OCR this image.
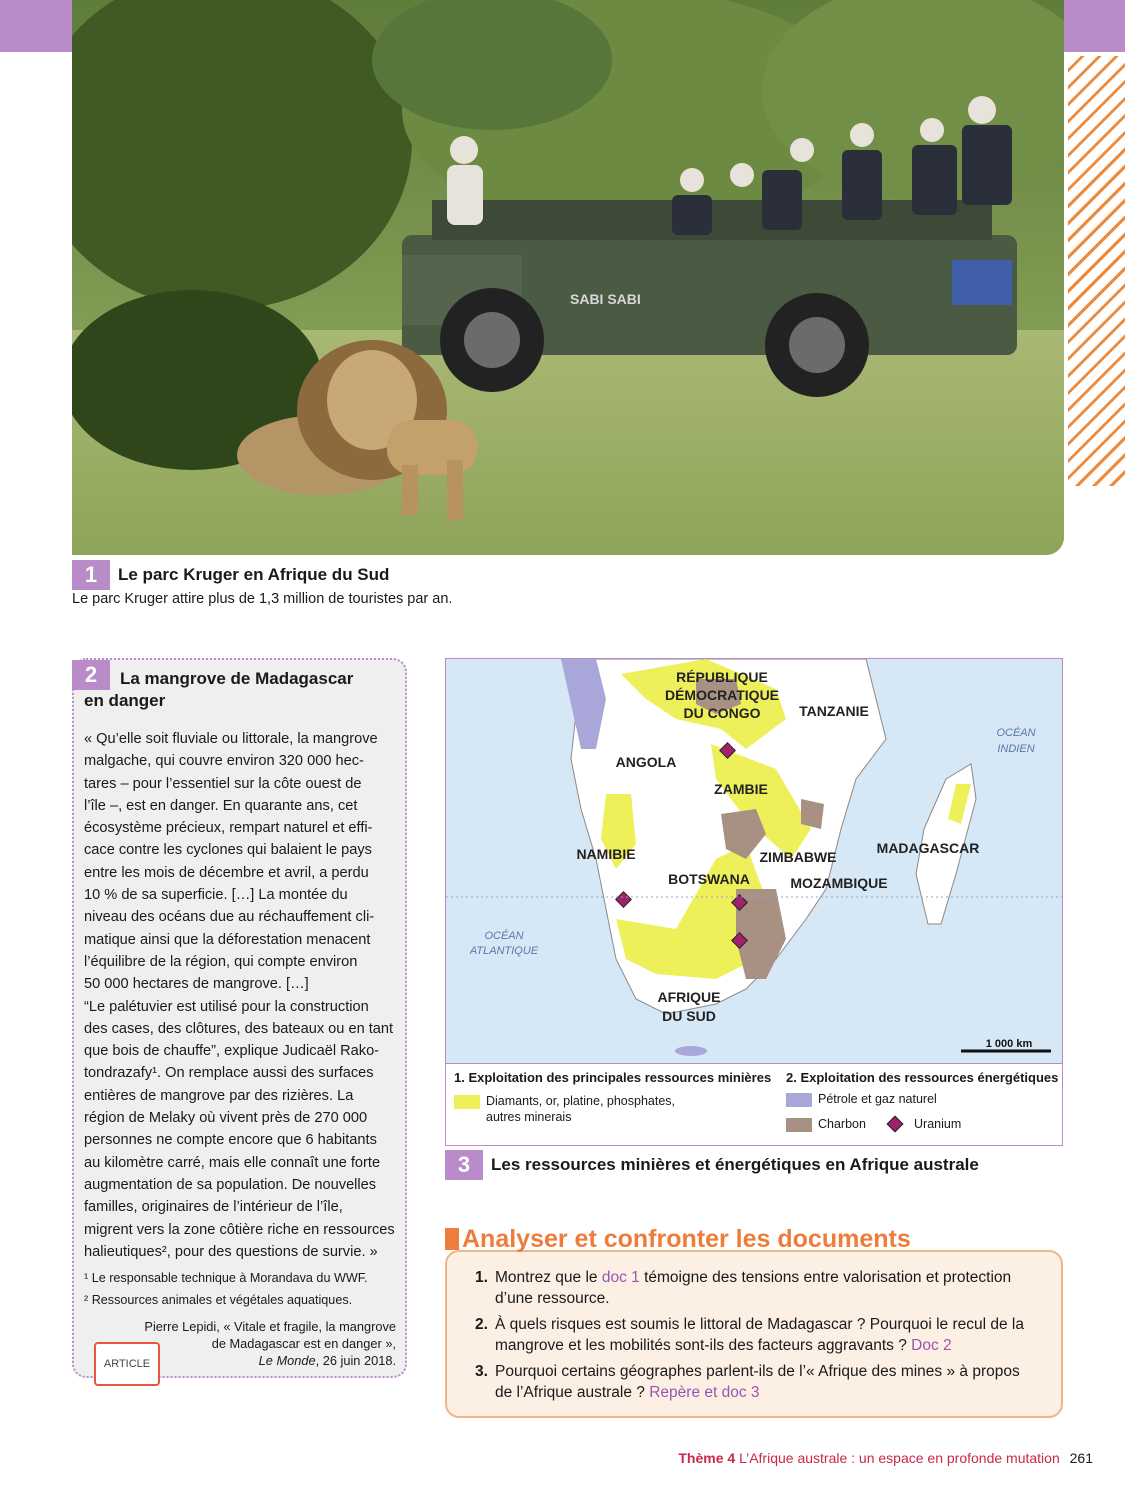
SABI SABI
1	Le parc Kruger en Afrique du Sud
Le parc Kruger attire plus de 1,3 million de touristes par an.
2	La mangrove de Madagascar
en danger
« Qu’elle soit fluviale ou littorale, la mangrove
malgache, qui couvre environ 320 000 hec-
tares – pour l’essentiel sur la côte ouest de
l’île –, est en danger. En quarante ans, cet
écosystème précieux, rempart naturel et effi-
cace contre les cyclones qui balaient le pays
entre les mois de décembre et avril, a perdu
10 % de sa superficie. […] La montée du
niveau des océans due au réchauffement cli-
matique ainsi que la déforestation menacent
l’équilibre de la région, qui compte environ
50 000 hectares de mangrove. […]
“Le palétuvier est utilisé pour la construction
des cases, des clôtures, des bateaux ou en tant
que bois de chauffe”, explique Judicaël Rako-
tondrazafy¹. On remplace aussi des surfaces
entières de mangrove par des rizières. La
région de Melaky où vivent près de 270 000
personnes ne compte encore que 6 habitants
au kilomètre carré, mais elle connaît une forte
augmentation de sa population. De nouvelles
familles, originaires de l’intérieur de l’île,
migrent vers la zone côtière riche en ressources
halieutiques², pour des questions de survie. »
¹ Le responsable technique à Morandava du WWF.
² Ressources animales et végétales aquatiques.
Pierre Lepidi, « Vitale et fragile, la mangrove
de Madagascar est en danger »,
Le Monde, 26 juin 2018.
ARTICLE
RÉPUBLIQUE
DÉMOCRATIQUE
DU CONGO	TANZANIE
ANGOLA
ZAMBIE
NAMIBIE	ZIMBABWE
MADAGASCAR
BOTSWANA	MOZAMBIQUE
AFRIQUE
DU SUD
OCÉAN
INDIEN
OCÉAN
ATLANTIQUE
1 000 km
1. Exploitation des principales ressources minières
Diamants, or, platine, phosphates,
autres minerais
2. Exploitation des ressources énergétiques
Pétrole et gaz naturel
Charbon	Uranium
3	Les ressources minières et énergétiques en Afrique australe
Analyser et confronter les documents
1. Montrez que le doc 1 témoigne des tensions entre valorisation et protection
d’une ressource.
2. À quels risques est soumis le littoral de Madagascar ? Pourquoi le recul de la
mangrove et les mobilités sont-ils des facteurs aggravants ? Doc 2
3. Pourquoi certains géographes parlent-ils de l’« Afrique des mines » à propos
de l’Afrique australe ? Repère et doc 3
Thème 4 L’Afrique australe : un espace en profonde mutation 261
